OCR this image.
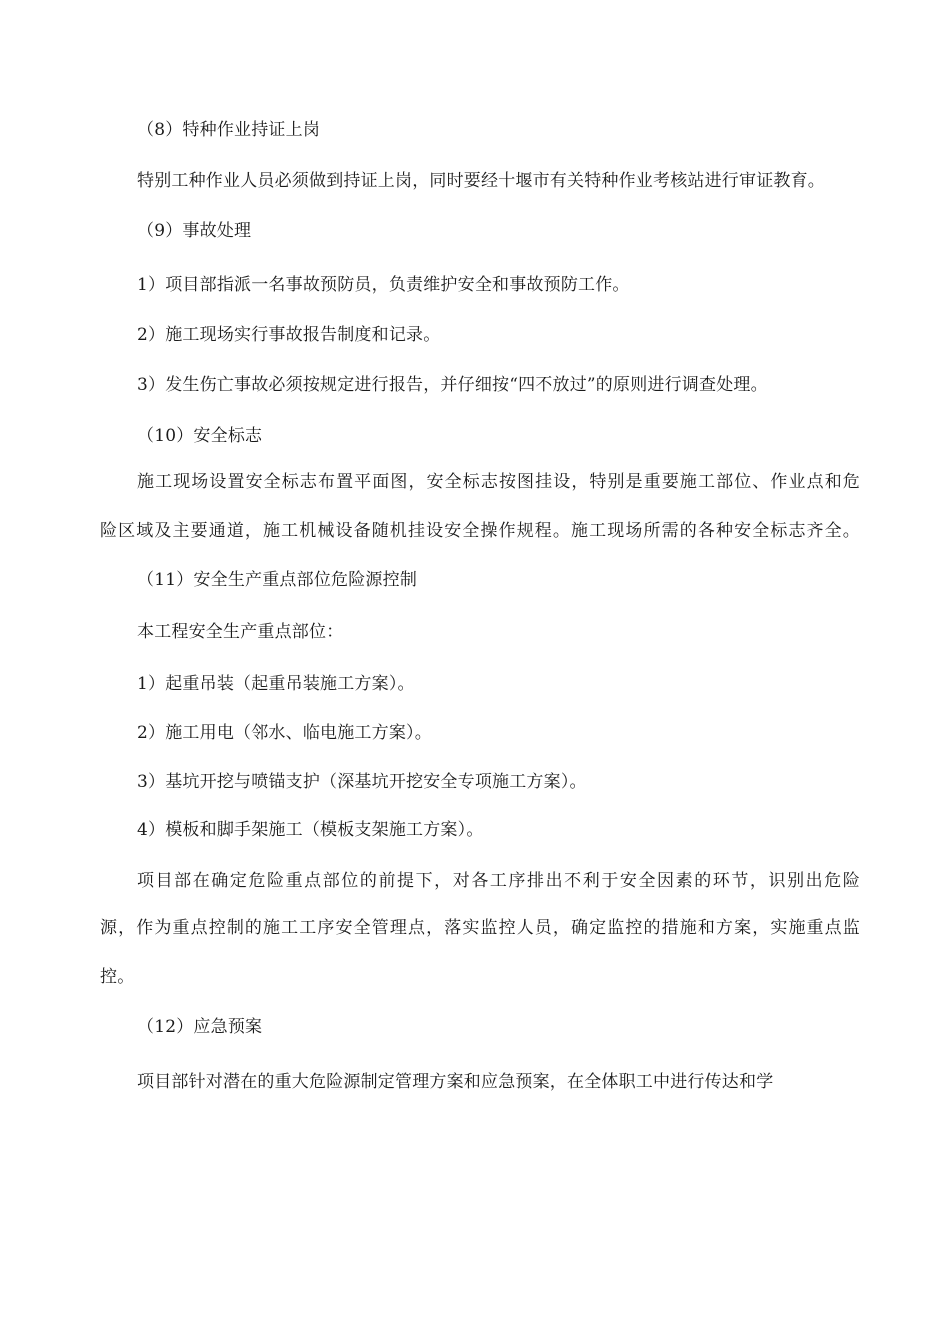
（8）特种作业持证上岗
特别工种作业人员必须做到持证上岗，同时要经十堰市有关特种作业考核站进行审证教育。
（9）事故处理
1）项目部指派一名事故预防员，负责维护安全和事故预防工作。
2）施工现场实行事故报告制度和记录。
3）发生伤亡事故必须按规定进行报告，并仔细按“四不放过”的原则进行调查处理。
（10）安全标志
施工现场设置安全标志布置平面图，安全标志按图挂设，特别是重要施工部位、作业点和危
险区域及主要通道，施工机械设备随机挂设安全操作规程。施工现场所需的各种安全标志齐全。
（11）安全生产重点部位危险源控制
本工程安全生产重点部位：
1）起重吊装（起重吊装施工方案）。
2）施工用电（邻水、临电施工方案）。
3）基坑开挖与喷锚支护（深基坑开挖安全专项施工方案）。
4）模板和脚手架施工（模板支架施工方案）。
项目部在确定危险重点部位的前提下，对各工序排出不利于安全因素的环节，识别出危险
源，作为重点控制的施工工序安全管理点，落实监控人员，确定监控的措施和方案，实施重点监
控。
（12）应急预案
项目部针对潜在的重大危险源制定管理方案和应急预案，在全体职工中进行传达和学
